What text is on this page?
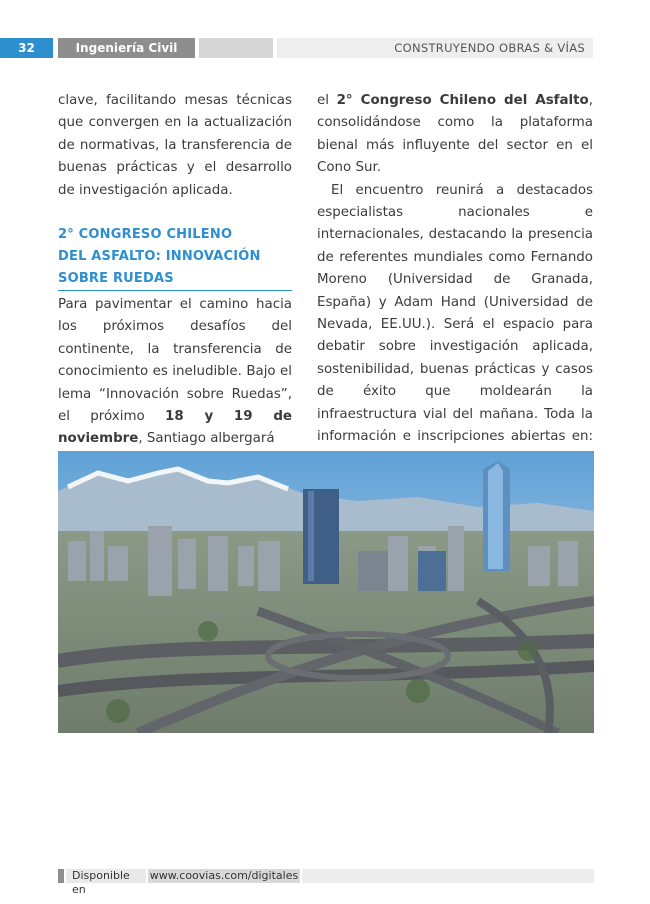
32	Ingeniería Civil	CONSTRUYENDO OBRAS & VÍAS

clave, facilitando mesas técnicas que convergen en la actualización de normativas, la transferencia de buenas prácticas y el desarrollo de investigación aplicada.

2° CONGRESO CHILENO
DEL ASFALTO: INNOVACIÓN
SOBRE RUEDAS

Para pavimentar el camino hacia los próximos desafíos del continente, la transferencia de conocimiento es ineludible. Bajo el lema “Innovación sobre Ruedas”, el próximo 18 y 19 de noviembre, Santiago albergará

el 2° Congreso Chileno del Asfalto, consolidándose como la plataforma bienal más influyente del sector en el Cono Sur.

El encuentro reunirá a destacados especialistas nacionales e internacionales, destacando la presencia de referentes mundiales como Fernando Moreno (Universidad de Granada, España) y Adam Hand (Universidad de Nevada, EE.UU.). Será el espacio para debatir sobre investigación aplicada, sostenibilidad, buenas prácticas y casos de éxito que moldearán la infraestructura vial del mañana. Toda la información e inscripciones abiertas en:

Disponible en
www.coovias.com/digitales
